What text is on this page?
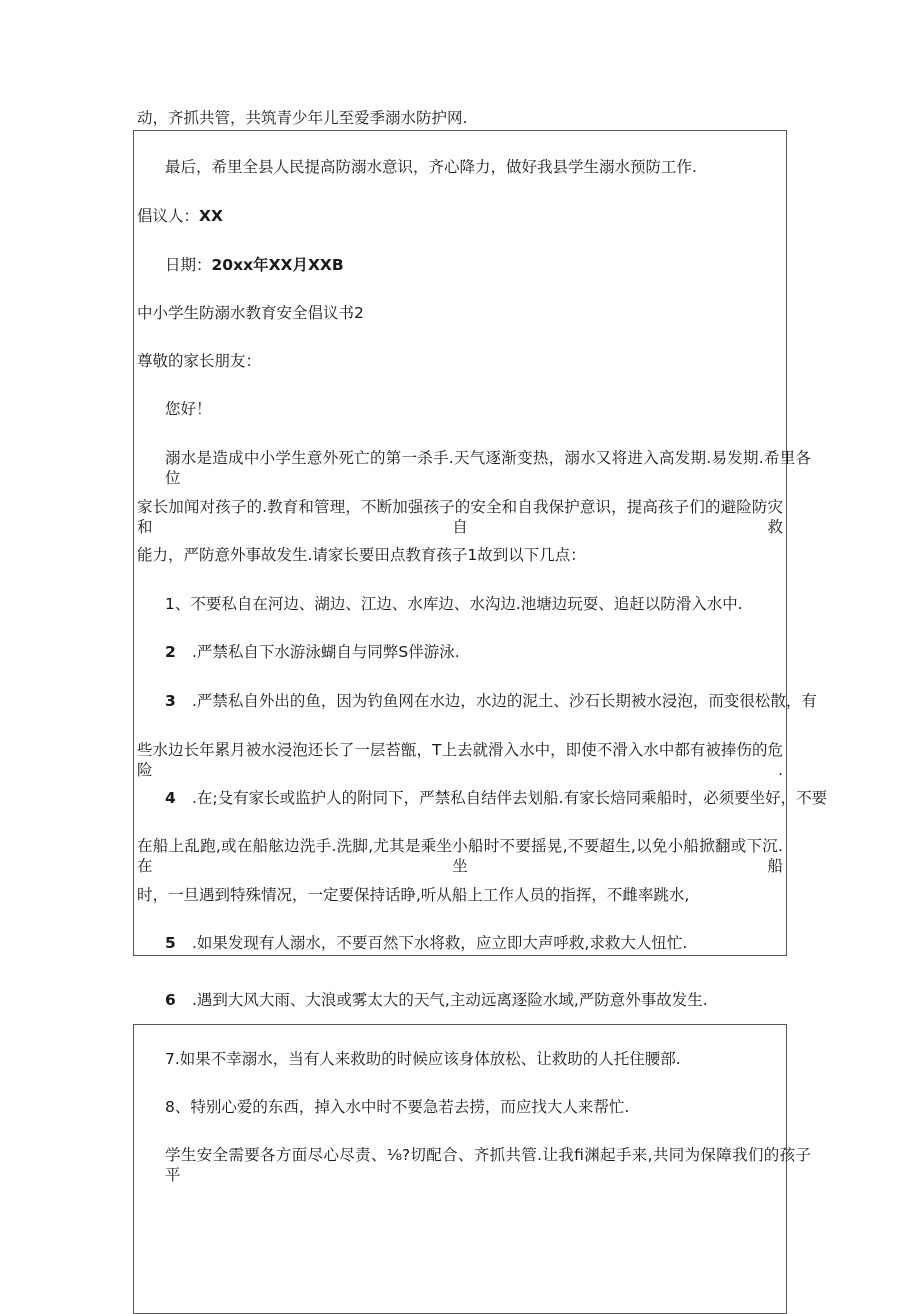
动，齐抓共管，共筑青少年儿至爱季溺水防护网.

最后，希里全县人民提高防溺水意识，齐心降力，做好我县学生溺水预防工作.

倡议人：XX

日期：20xx年XX月XXB

中小学生防溺水教育安全倡议书2

尊敬的家长朋友：

您好！

溺水是造成中小学生意外死亡的第一杀手.天气逐渐变热，溺水又将进入高发期.易发期.希里各位

家长加闻对孩子的.教育和管理，不断加强孩子的安全和自我保护意识，提高孩子们的避险防灾和自救

能力，严防意外事故发生.请家长要田点教育孩子1故到以下几点：

1、不要私自在河边、湖边、江边、水库边、水沟边.池塘边玩耍、追赶以防滑入水中.

2 .严禁私自下水游泳蝴自与同弊S伴游泳.

3 .严禁私自外出的鱼，因为钓鱼网在水边，水边的泥土、沙石长期被水浸泡，而变很松散，有

些水边长年累月被水浸泡还长了一层苔甑，T上去就滑入水中，即使不滑入水中都有被捧伤的危险.

4 .在;殳有家长或监护人的附同下，严禁私自结伴去划船.有家长焙同乘船时，必须要坐好，不要

在船上乱跑,或在船舷边洗手.洗脚,尤其是乘坐小船时不要摇晃,不要超生,以免小船掀翻或下沉.在坐船

时，一旦遇到特殊情况，一定要保持话睁,听从船上工作人员的指挥，不雌率跳水,

5 .如果发现有人溺水，不要百然下水将救，应立即大声呼救,求救大人忸忙.

6 .遇到大风大雨、大浪或雾太大的天气,主动远离逐险水域,严防意外事故发生.

7.如果不幸溺水，当有人来救助的时候应该身体放松、让救助的人托住腰部.

8、特别心爱的东西，掉入水中时不要急若去捞，而应找大人来帮忙.

学生安全需要各方面尽心尽责、⅛?切配合、齐抓共管.让我fi渊起手来,共同为保障我们的孩子平
